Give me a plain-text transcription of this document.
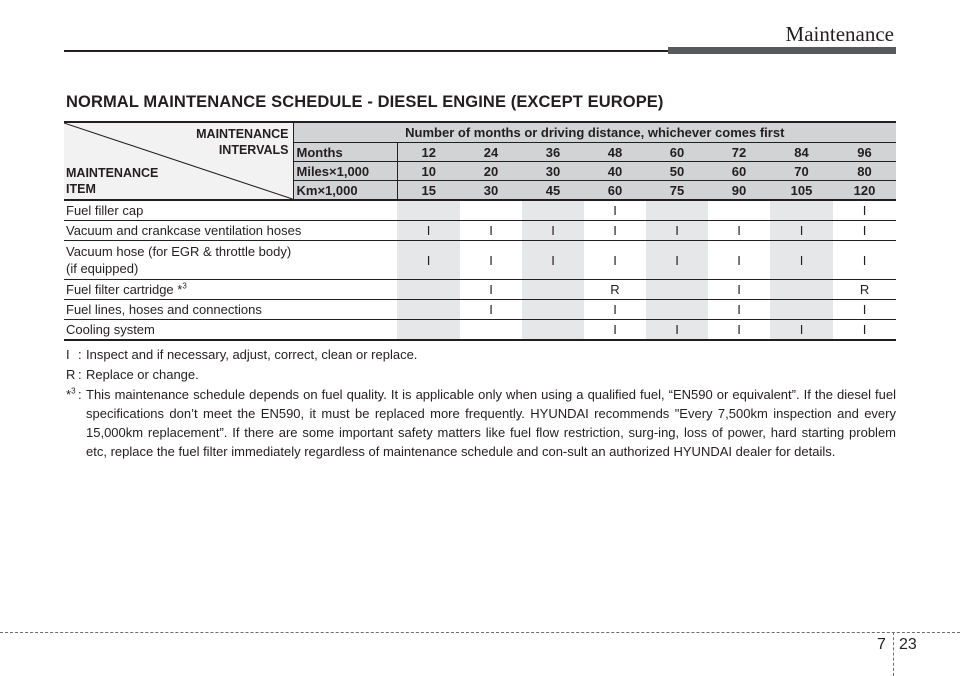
Maintenance
NORMAL MAINTENANCE SCHEDULE - DIESEL ENGINE (EXCEPT EUROPE)
MAINTENANCE
INTERVALS
MAINTENANCE
ITEM	Number of months or driving distance, whichever comes first								
	Months	12	24	36	48	60	72	84	96
	Miles×1,000	10	20	30	40	50	60	70	80
	Km×1,000	15	30	45	60	75	90	105	120
Fuel filler cap					I				I
Vacuum and crankcase ventilation hoses		I	I	I	I	I	I	I	I

Vacuum hose (for EGR & throttle body)
(if equipped)		I	I	I	I	I	I	I	I
Fuel filter cartridge *$^3$			I		R		I		R
Fuel lines, hoses and connections			I		I		I		I
Cooling system					I	I	I	I	I
I : Inspect and if necessary, adjust, correct, clean or replace.
R : Replace or change.
*$^3$ : This maintenance schedule depends on fuel quality. It is applicable only when using a qualified fuel, “EN590 or equivalent”. If the diesel fuel specifications don’t meet the EN590, it must be replaced more frequently. HYUNDAI recommends "Every 7,500km inspection and every 15,000km replacement”. If there are some important safety matters like fuel flow restriction, surg-ing, loss of power, hard starting problem etc, replace the fuel filter immediately regardless of maintenance schedule and con-sult an authorized HYUNDAI dealer for details.
7 23
